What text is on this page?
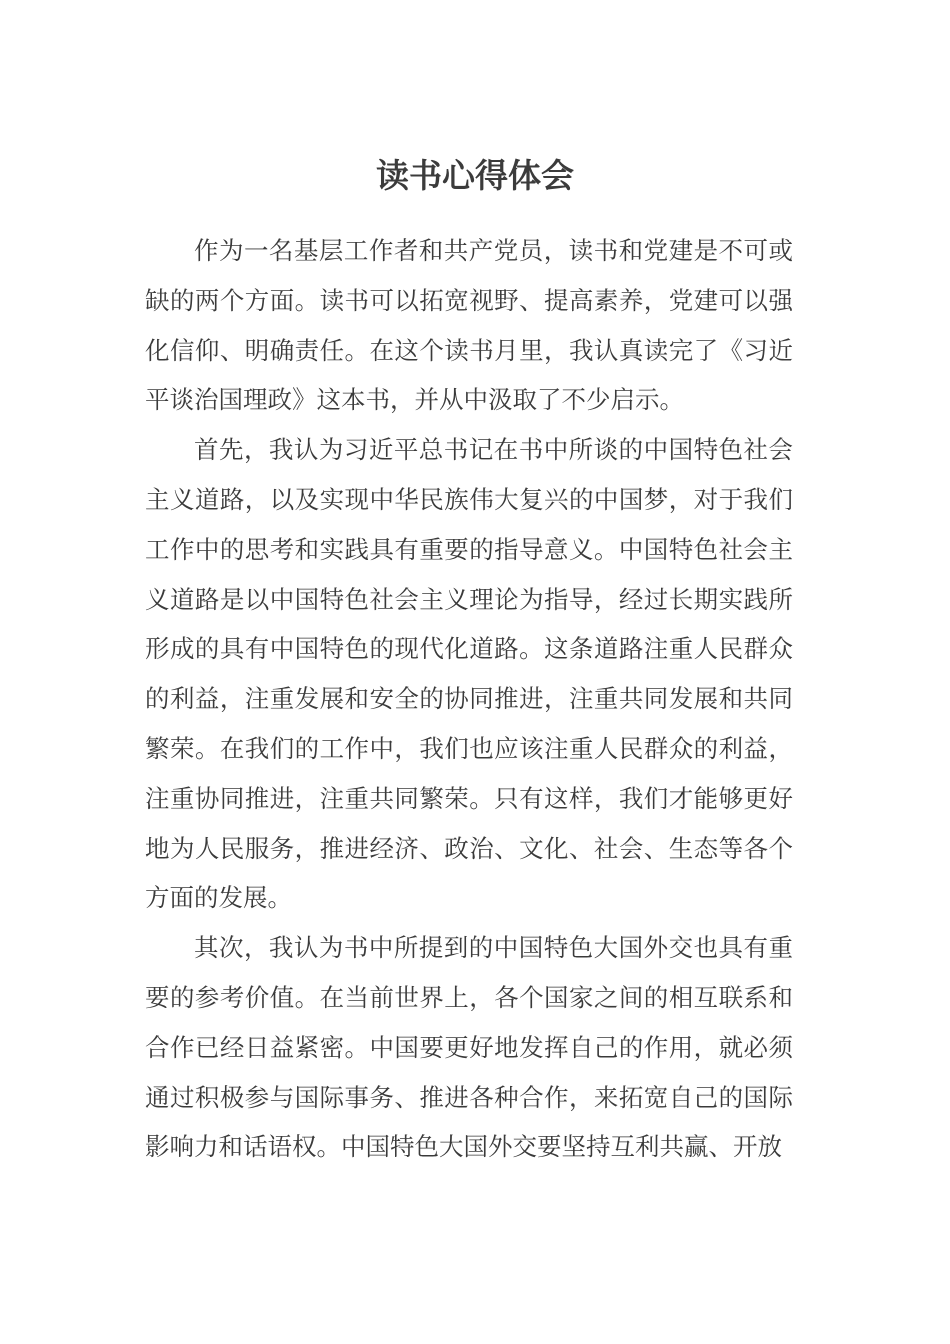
读书心得体会

作为一名基层工作者和共产党员，读书和党建是不可或缺的两个方面。读书可以拓宽视野、提高素养，党建可以强化信仰、明确责任。在这个读书月里，我认真读完了《习近平谈治国理政》这本书，并从中汲取了不少启示。

首先，我认为习近平总书记在书中所谈的中国特色社会主义道路，以及实现中华民族伟大复兴的中国梦，对于我们工作中的思考和实践具有重要的指导意义。中国特色社会主义道路是以中国特色社会主义理论为指导，经过长期实践所形成的具有中国特色的现代化道路。这条道路注重人民群众的利益，注重发展和安全的协同推进，注重共同发展和共同繁荣。在我们的工作中，我们也应该注重人民群众的利益，注重协同推进，注重共同繁荣。只有这样，我们才能够更好地为人民服务，推进经济、政治、文化、社会、生态等各个方面的发展。

其次，我认为书中所提到的中国特色大国外交也具有重要的参考价值。在当前世界上，各个国家之间的相互联系和合作已经日益紧密。中国要更好地发挥自己的作用，就必须通过积极参与国际事务、推进各种合作，来拓宽自己的国际影响力和话语权。中国特色大国外交要坚持互利共赢、开放
